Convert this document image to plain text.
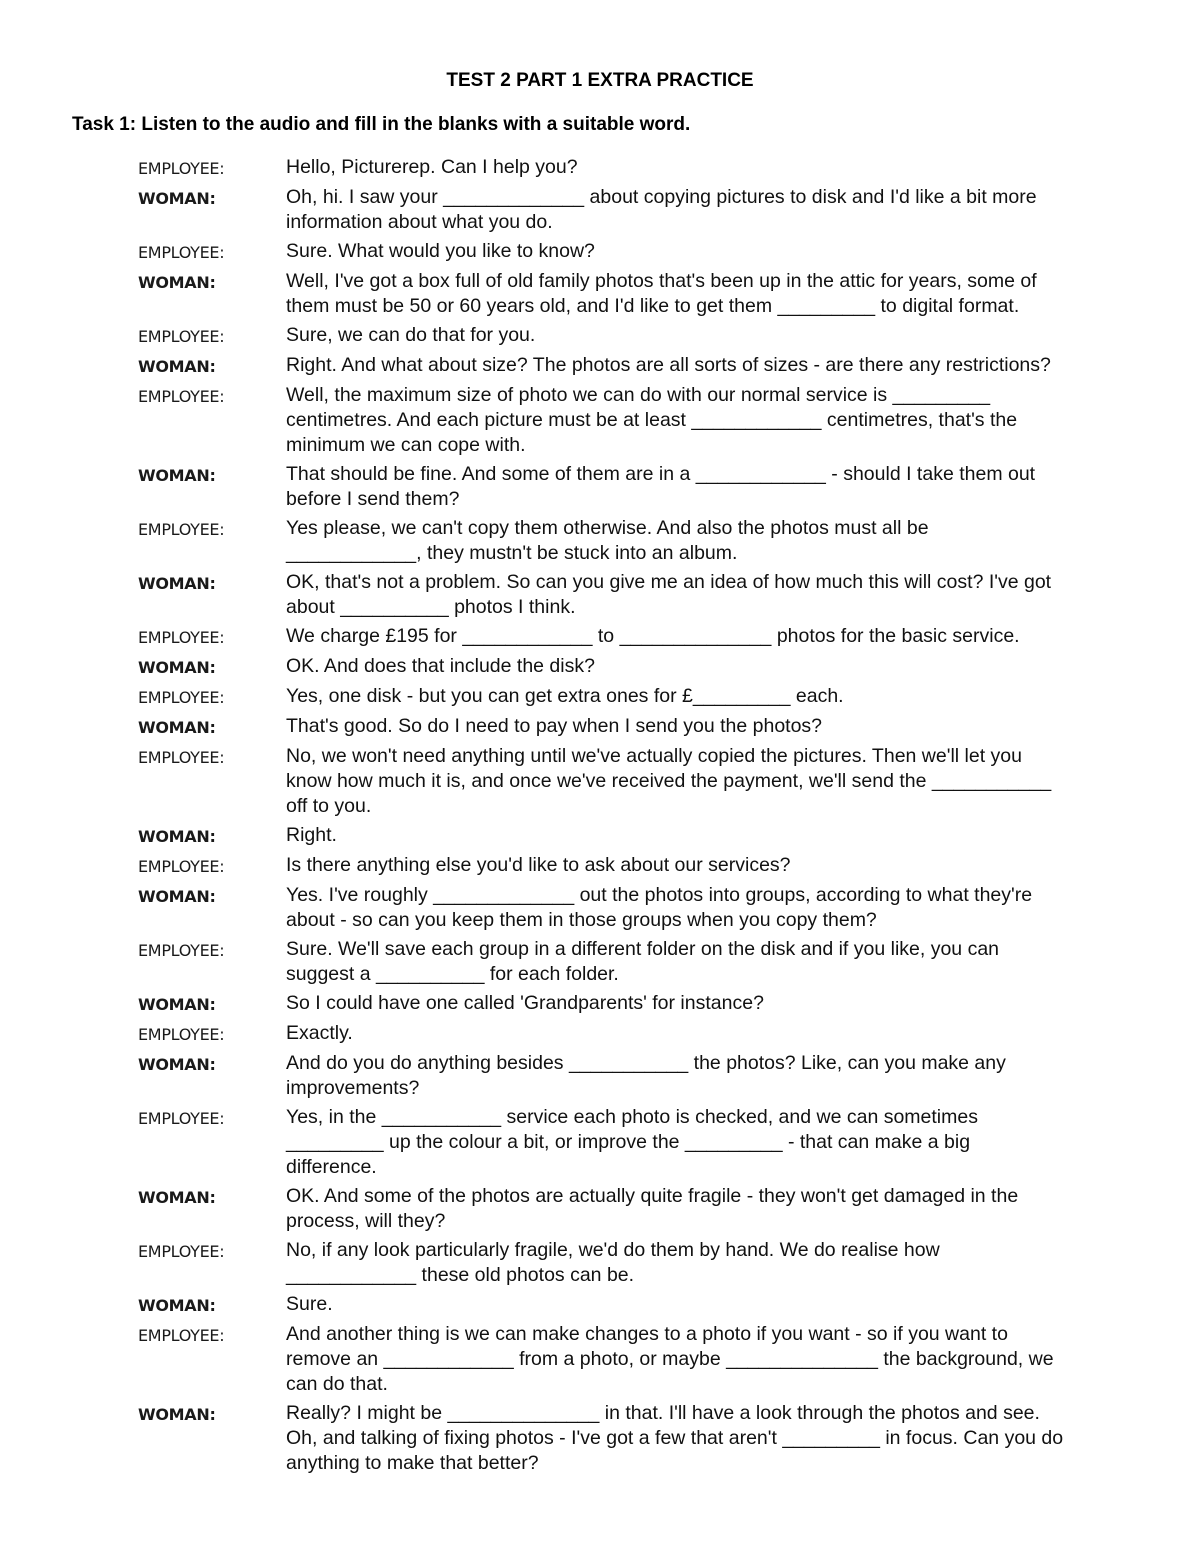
TEST 2 PART 1 EXTRA PRACTICE
Task 1: Listen to the audio and fill in the blanks with a suitable word.
EMPLOYEE:	Hello, Picturerep. Can I help you?
WOMAN:	Oh, hi. I saw your _____________ about copying pictures to disk and I'd like a bit more information about what you do.
EMPLOYEE:	Sure. What would you like to know?
WOMAN:	Well, I've got a box full of old family photos that's been up in the attic for years, some of them must be 50 or 60 years old, and I'd like to get them _________ to digital format.
EMPLOYEE:	Sure, we can do that for you.
WOMAN:	Right. And what about size? The photos are all sorts of sizes - are there any restrictions?
EMPLOYEE:	Well, the maximum size of photo we can do with our normal service is _________ centimetres. And each picture must be at least ____________ centimetres, that's the minimum we can cope with.
WOMAN:	That should be fine. And some of them are in a ____________ - should I take them out before I send them?
EMPLOYEE:	Yes please, we can't copy them otherwise. And also the photos must all be ____________, they mustn't be stuck into an album.
WOMAN:	OK, that's not a problem. So can you give me an idea of how much this will cost? I've got about __________ photos I think.
EMPLOYEE:	We charge £195 for ____________ to ______________ photos for the basic service.
WOMAN:	OK. And does that include the disk?
EMPLOYEE:	Yes, one disk - but you can get extra ones for £_________ each.
WOMAN:	That's good. So do I need to pay when I send you the photos?
EMPLOYEE:	No, we won't need anything until we've actually copied the pictures. Then we'll let you know how much it is, and once we've received the payment, we'll send the ___________ off to you.
WOMAN:	Right.
EMPLOYEE:	Is there anything else you'd like to ask about our services?
WOMAN:	Yes. I've roughly _____________ out the photos into groups, according to what they're about - so can you keep them in those groups when you copy them?
EMPLOYEE:	Sure. We'll save each group in a different folder on the disk and if you like, you can suggest a __________ for each folder.
WOMAN:	So I could have one called 'Grandparents' for instance?
EMPLOYEE:	Exactly.
WOMAN:	And do you do anything besides ___________ the photos? Like, can you make any improvements?
EMPLOYEE:	Yes, in the ___________ service each photo is checked, and we can sometimes _________ up the colour a bit, or improve the _________ - that can make a big difference.
WOMAN:	OK. And some of the photos are actually quite fragile - they won't get damaged in the process, will they?
EMPLOYEE:	No, if any look particularly fragile, we'd do them by hand. We do realise how ____________ these old photos can be.
WOMAN:	Sure.
EMPLOYEE:	And another thing is we can make changes to a photo if you want - so if you want to remove an ____________ from a photo, or maybe ______________ the background, we can do that.
WOMAN:	Really? I might be ______________ in that. I'll have a look through the photos and see. Oh, and talking of fixing photos - I've got a few that aren't _________ in focus. Can you do anything to make that better?
